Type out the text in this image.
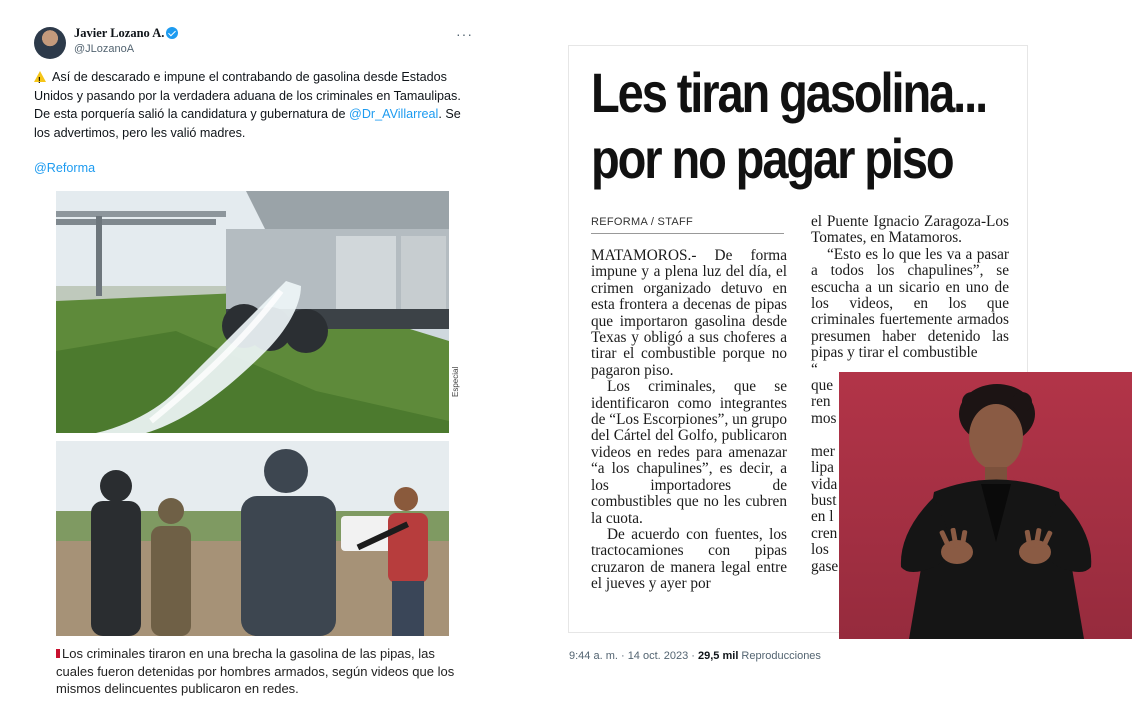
Javier Lozano A.
@JLozanoA
···
!Así de descarado e impune el contrabando de gasolina desde Estados Unidos y pasando por la verdadera aduana de los criminales en Tamaulipas. De esta porquería salió la candidatura y gubernatura de @Dr_AVillarreal. Se los advertimos, pero les valió madres.
@Reforma
Especial
Los criminales tiraron en una brecha la gasolina de las pipas, las cuales fueron detenidas por hombres armados, según videos que los mismos delincuentes publicaron en redes.
Les tiran gasolina...
por no pagar piso
REFORMA / STAFF

MATAMOROS.- De forma impune y a plena luz del día, el crimen organizado detuvo en esta frontera a decenas de pipas que importaron gasolina desde Texas y obligó a sus choferes a tirar el combustible porque no pagaron piso.

Los criminales, que se identificaron como integrantes de “Los Escorpiones”, un grupo del Cártel del Golfo, publicaron videos en redes para amenazar “a los chapulines”, es decir, a los importadores de combustibles que no les cubren la cuota.

De acuerdo con fuentes, los tractocamiones con pipas cruzaron de manera legal entre el jueves y ayer por

el Puente Ignacio Zaragoza-Los Tomates, en Matamoros.

“Esto es lo que les va a pasar a todos los chapulines”, se escucha a un sicario en uno de los videos, en los que criminales fuertemente armados presumen haber detenido las pipas y tirar el combustible

“
que
ren
mos

mer
lipa
vida
bust
en l
cren
los
gase
9:44 a. m. · 14 oct. 2023 · 29,5 mil Reproducciones
